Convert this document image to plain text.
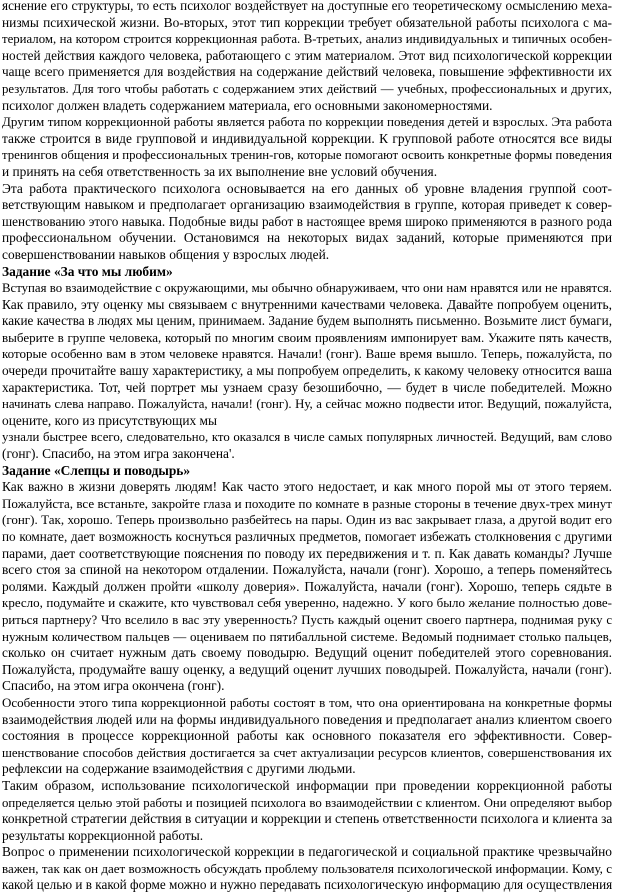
яснение его структуры, то есть психолог воздействует на доступные его теоретическому осмыслению меха-
низмы психической жизни. Во-вторых, этот тип коррекции требует обязательной работы психолога с ма-
териалом, на котором строится коррекционная работа. В-третьих, анализ индивидуальных и типичных особен-
ностей действия каждого человека, работающего с этим материалом. Этот вид психологической коррекции
чаще всего применяется для воздействия на содержание действий человека, повышение эффективности их
результатов. Для того чтобы работать с содержанием этих действий — учебных, профессиональных и других,
психолог должен владеть содержанием материала, его основными закономерностями.
Другим типом коррекционной работы является работа по коррекции поведения детей и взрослых. Эта работа
также строится в виде групповой и индивидуальной коррекции. К групповой работе относятся все виды
тренингов общения и профессиональных тренин-гов, которые помогают освоить конкретные формы поведения
и принять на себя ответственность за их выполнение вне условий обучения.
Эта работа практического психолога основывается на его данных об уровне владения группой соот-
ветствующим навыком и предполагает организацию взаимодействия в группе, которая приведет к совер-
шенствованию этого навыка. Подобные виды работ в настоящее время широко применяются в разного рода
профессиональном обучении. Остановимся на некоторых видах заданий, которые применяются при
совершенствовании навыков общения у взрослых людей.
Задание «За что мы любим»
Вступая во взаимодействие с окружающими, мы обычно обнаруживаем, что они нам нравятся или не нравятся.
Как правило, эту оценку мы связываем с внутренними качествами человека. Давайте попробуем оценить,
какие качества в людях мы ценим, принимаем. Задание будем выполнять письменно. Возьмите лист бумаги,
выберите в группе человека, который по многим своим проявлениям импонирует вам. Укажите пять качеств,
которые особенно вам в этом человеке нравятся. Начали! (гонг). Ваше время вышло. Теперь, пожалуйста, по
очереди прочитайте вашу характеристику, а мы попробуем определить, к какому человеку относится ваша
характеристика. Тот, чей портрет мы узнаем сразу безошибочно, — будет в числе победителей. Можно
начинать слева направо. Пожалуйста, начали! (гонг). Ну, а сейчас можно подвести итог. Ведущий, пожалуйста,
оцените, кого из присутствующих мы
узнали быстрее всего, следовательно, кто оказался в числе самых популярных личностей. Ведущий, вам слово
(гонг). Спасибо, на этом игра закончена'.
Задание «Слепцы и поводырь»
Как важно в жизни доверять людям! Как часто этого недостает, и как много порой мы от этого теряем.
Пожалуйста, все встаньте, закройте глаза и походите по комнате в разные стороны в течение двух-трех минут
(гонг). Так, хорошо. Теперь произвольно разбейтесь на пары. Один из вас закрывает глаза, а другой водит его
по комнате, дает возможность коснуться различных предметов, помогает избежать столкновения с другими
парами, дает соответствующие пояснения по поводу их передвижения и т. п. Как давать команды? Лучше
всего стоя за спиной на некотором отдалении. Пожалуйста, начали (гонг). Хорошо, а теперь поменяйтесь
ролями. Каждый должен пройти «школу доверия». Пожалуйста, начали (гонг). Хорошо, теперь сядьте в
кресло, подумайте и скажите, кто чувствовал себя уверенно, надежно. У кого было желание полностью дове-
риться партнеру? Что вселило в вас эту уверенность? Пусть каждый оценит своего партнера, поднимая руку с
нужным количеством пальцев — оцениваем по пятибалльной системе. Ведомый поднимает столько пальцев,
сколько он считает нужным дать своему поводырю. Ведущий оценит победителей этого соревнования.
Пожалуйста, продумайте вашу оценку, а ведущий оценит лучших поводырей. Пожалуйста, начали (гонг).
Спасибо, на этом игра окончена (гонг).
Особенности этого типа коррекционной работы состоят в том, что она ориентирована на конкретные формы
взаимодействия людей или на формы индивидуального поведения и предполагает анализ клиентом своего
состояния в процессе коррекционной работы как основного показателя его эффективности. Совер-
шенствование способов действия достигается за счет актуализации ресурсов клиентов, совершенствования их
рефлексии на содержание взаимодействия с другими людьми.
Таким образом, использование психологической информации при проведении коррекционной работы
определяется целью этой работы и позицией психолога во взаимодействии с клиентом. Они определяют выбор
конкретной стратегии действия в ситуации и коррекции и степень ответственности психолога и клиента за
результаты коррекционной работы.
Вопрос о применении психологической коррекции в педагогической и социальной практике чрезвычайно
важен, так как он дает возможность обсуждать проблему пользователя психологической информации. Кому, с
какой целью и в какой форме можно и нужно передавать психологическую информацию для осуществления
